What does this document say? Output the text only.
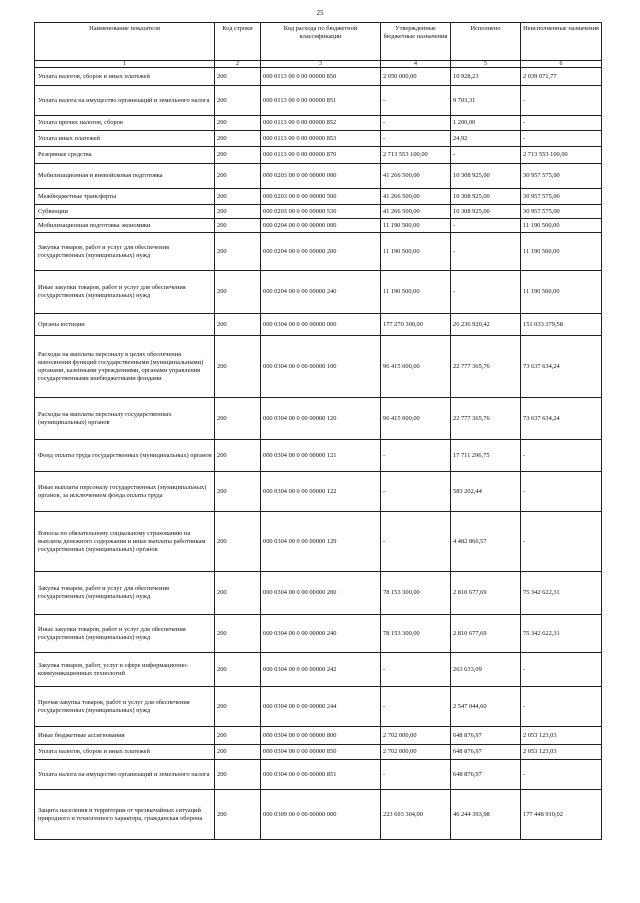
25
Наименование показателя	Код строки	Код расхода по бюджетной классификации	Утвержденные бюджетные назначения	Исполнено	Неисполненные назначения
1	2	3	4	5	6
Уплата налогов, сборов и иных платежей	200	000 0113 00 0 00 00000 850	2 050 000,00	10 928,23	2 039 071,77
Уплата налога на имущество организаций и земельного налога	200	000 0113 00 0 00 00000 851	-	9 703,31	-
Уплата прочих налогов, сборов	200	000 0113 00 0 00 00000 852	-	1 200,00	-
Уплата иных платежей	200	000 0113 00 0 00 00000 853	-	24,92	-
Резервные средства	200	000 0113 00 0 00 00000 870	2 713 553 100,00	-	2 713 553 100,00
Мобилизационная и вневойсковая подготовка	200	000 0203 00 0 00 00000 000	41 266 500,00	10 308 925,00	30 957 575,00
Межбюджетные трансферты	200	000 0203 00 0 00 00000 500	41 266 500,00	10 308 925,00	30 957 575,00
Субвенции	200	000 0203 00 0 00 00000 530	41 266 500,00	10 308 925,00	30 957 575,00
Мобилизационная подготовка экономики	200	000 0204 00 0 00 00000 000	11 190 500,00	-	11 190 500,00
Закупка товаров, работ и услуг для обеспечения государственных (муниципальных) нужд	200	000 0204 00 0 00 00000 200	11 190 500,00	-	11 190 500,00
Иные закупки товаров, работ и услуг для обеспечения государственных (муниципальных) нужд	200	000 0204 00 0 00 00000 240	11 190 500,00	-	11 190 500,00
Органы юстиции	200	000 0304 00 0 00 00000 000	177 270 300,00	26 236 920,42	151 033 379,58
Расходы на выплаты персоналу в целях обеспечения выполнения функций государственными (муниципальными) органами, казенными учреждениями, органами управления государственными внебюджетными фондами	200	000 0304 00 0 00 00000 100	96 415 000,00	22 777 365,76	73 637 634,24
Расходы на выплаты персоналу государственных (муниципальных) органов	200	000 0304 00 0 00 00000 120	96 415 000,00	22 777 365,76	73 637 634,24
Фонд оплаты труда государственных (муниципальных) органов	200	000 0304 00 0 00 00000 121	-	17 711 296,75	-
Иные выплаты персоналу государственных (муниципальных) органов, за исключением фонда оплаты труда	200	000 0304 00 0 00 00000 122	-	583 202,44	-
Взносы по обязательному социальному страхованию на выплаты денежного содержания и иные выплаты работникам государственных (муниципальных) органов	200	000 0304 00 0 00 00000 129	-	4 482 866,57	-
Закупка товаров, работ и услуг для обеспечения государственных (муниципальных) нужд	200	000 0304 00 0 00 00000 200	78 153 300,00	2 810 677,69	75 342 622,31
Иные закупки товаров, работ и услуг для обеспечения государственных (муниципальных) нужд	200	000 0304 00 0 00 00000 240	78 153 300,00	2 810 677,69	75 342 622,31
Закупка товаров, работ, услуг в сфере информационно-коммуникационных технологий	200	000 0304 00 0 00 00000 242	-	263 633,09	-
Прочая закупка товаров, работ и услуг для обеспечения государственных (муниципальных) нужд	200	000 0304 00 0 00 00000 244	-	2 547 044,60	-
Иные бюджетные ассигнования	200	000 0304 00 0 00 00000 800	2 702 000,00	648 876,97	2 053 123,03
Уплата налогов, сборов и иных платежей	200	000 0304 00 0 00 00000 850	2 702 000,00	648 876,97	2 053 123,03
Уплата налога на имущество организаций и земельного налога	200	000 0304 00 0 00 00000 851	-	648 876,97	-
Защита населения и территории от чрезвычайных ситуаций природного и техногенного характера, гражданская оборона	200	000 0309 00 0 00 00000 000	223 693 304,00	46 244 393,98	177 448 910,02
